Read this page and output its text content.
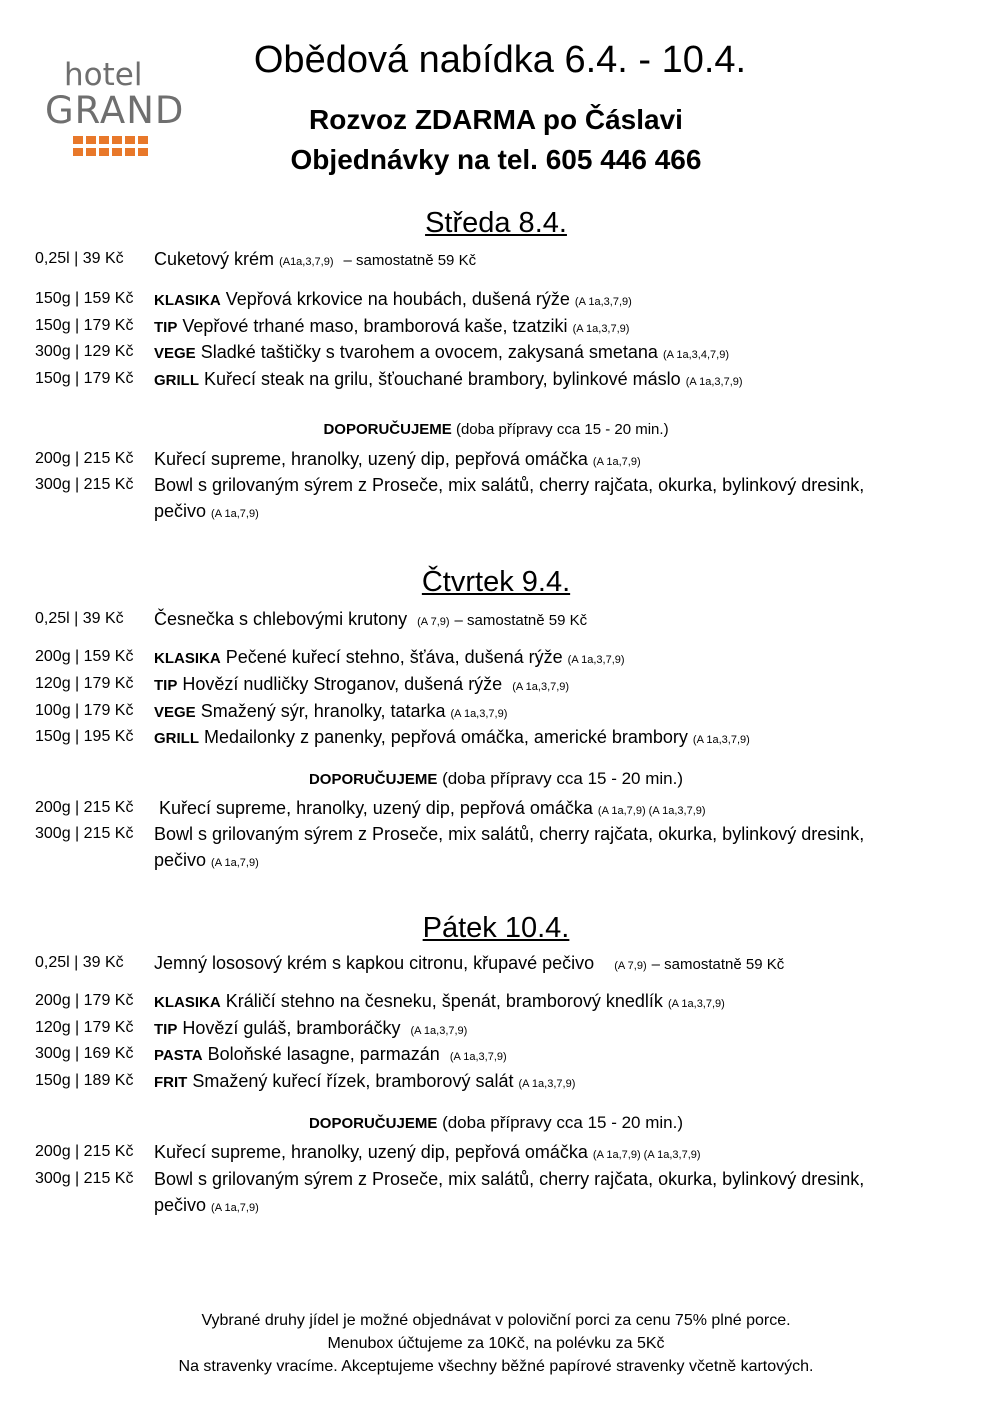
hotel
GRAND
Obědová nabídka 6.4. - 10.4.
Rozvoz ZDARMA po Čáslavi
Objednávky na tel. 605 446 466
Středa 8.4.
0,25l | 39 Kč Cuketový krém (A1a,3,7,9) – samostatně 59 Kč
150g | 159 Kč KLASIKA Vepřová krkovice na houbách, dušená rýže (A 1a,3,7,9)
150g | 179 Kč TIP Vepřové trhané maso, bramborová kaše, tzatziki (A 1a,3,7,9)
300g | 129 Kč VEGE Sladké taštičky s tvarohem a ovocem, zakysaná smetana (A 1a,3,4,7,9)
150g | 179 Kč GRILL Kuřecí steak na grilu, šťouchané brambory, bylinkové máslo (A 1a,3,7,9)
DOPORUČUJEME (doba přípravy cca 15 - 20 min.)
200g | 215 Kč Kuřecí supreme, hranolky, uzený dip, pepřová omáčka (A 1a,7,9)
300g | 215 Kč Bowl s grilovaným sýrem z Proseče, mix salátů, cherry rajčata, okurka, bylinkový dresink,
pečivo (A 1a,7,9)
Čtvrtek 9.4.
0,25l | 39 Kč Česnečka s chlebovými krutony (A 7,9) – samostatně 59 Kč
200g | 159 Kč KLASIKA Pečené kuřecí stehno, šťáva, dušená rýže (A 1a,3,7,9)
120g | 179 Kč TIP Hovězí nudličky Stroganov, dušená rýže (A 1a,3,7,9)
100g | 179 Kč VEGE Smažený sýr, hranolky, tatarka (A 1a,3,7,9)
150g | 195 Kč GRILL Medailonky z panenky, pepřová omáčka, americké brambory (A 1a,3,7,9)
DOPORUČUJEME (doba přípravy cca 15 - 20 min.)
200g | 215 Kč Kuřecí supreme, hranolky, uzený dip, pepřová omáčka (A 1a,7,9) (A 1a,3,7,9)
300g | 215 Kč Bowl s grilovaným sýrem z Proseče, mix salátů, cherry rajčata, okurka, bylinkový dresink,
pečivo (A 1a,7,9)
Pátek 10.4.
0,25l | 39 Kč Jemný lososový krém s kapkou citronu, křupavé pečivo (A 7,9) – samostatně 59 Kč
200g | 179 Kč KLASIKA Králičí stehno na česneku, špenát, bramborový knedlík (A 1a,3,7,9)
120g | 179 Kč TIP Hovězí guláš, bramboráčky (A 1a,3,7,9)
300g | 169 Kč PASTA Boloňské lasagne, parmazán (A 1a,3,7,9)
150g | 189 Kč FRIT Smažený kuřecí řízek, bramborový salát (A 1a,3,7,9)
DOPORUČUJEME (doba přípravy cca 15 - 20 min.)
200g | 215 Kč Kuřecí supreme, hranolky, uzený dip, pepřová omáčka (A 1a,7,9) (A 1a,3,7,9)
300g | 215 Kč Bowl s grilovaným sýrem z Proseče, mix salátů, cherry rajčata, okurka, bylinkový dresink,
pečivo (A 1a,7,9)
Vybrané druhy jídel je možné objednávat v poloviční porci za cenu 75% plné porce.
Menubox účtujeme za 10Kč, na polévku za 5Kč
Na stravenky vracíme. Akceptujeme všechny běžné papírové stravenky včetně kartových.
